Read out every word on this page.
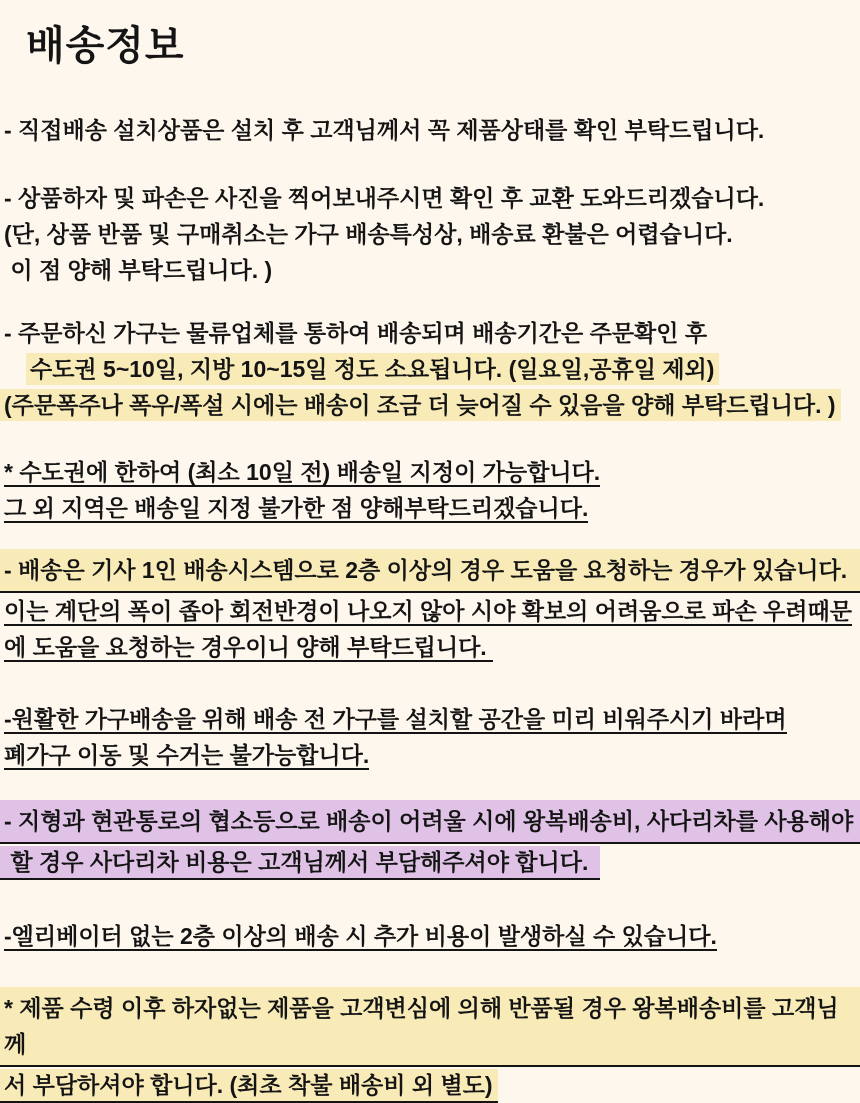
배송정보
- 직접배송 설치상품은 설치 후 고객님께서 꼭 제품상태를 확인 부탁드립니다.
- 상품하자 및 파손은 사진을 찍어보내주시면 확인 후 교환 도와드리겠습니다.
(단, 상품 반품 및 구매취소는 가구 배송특성상, 배송료 환불은 어렵습니다.
이 점 양해 부탁드립니다. )
- 주문하신 가구는 물류업체를 통하여 배송되며 배송기간은 주문확인 후
수도권 5~10일, 지방 10~15일 정도 소요됩니다. (일요일,공휴일 제외)
(주문폭주나 폭우/폭설 시에는 배송이 조금 더 늦어질 수 있음을 양해 부탁드립니다. )
* 수도권에 한하여 (최소 10일 전) 배송일 지정이 가능합니다.
그 외 지역은 배송일 지정 불가한 점 양해부탁드리겠습니다.
- 배송은 기사 1인 배송시스템으로 2층 이상의 경우 도움을 요청하는 경우가 있습니다.
이는 계단의 폭이 좁아 회전반경이 나오지 않아 시야 확보의 어려움으로 파손 우려때문
에 도움을 요청하는 경우이니 양해 부탁드립니다.
-원활한 가구배송을 위해 배송 전 가구를 설치할 공간을 미리 비워주시기 바라며
폐가구 이동 및 수거는 불가능합니다.
- 지형과 현관통로의 협소등으로 배송이 어려울 시에 왕복배송비, 사다리차를 사용해야
할 경우 사다리차 비용은 고객님께서 부담해주셔야 합니다.
-엘리베이터 없는 2층 이상의 배송 시 추가 비용이 발생하실 수 있습니다.
* 제품 수령 이후 하자없는 제품을 고객변심에 의해 반품될 경우 왕복배송비를 고객님께
서 부담하셔야 합니다. (최초 착불 배송비 외 별도)
